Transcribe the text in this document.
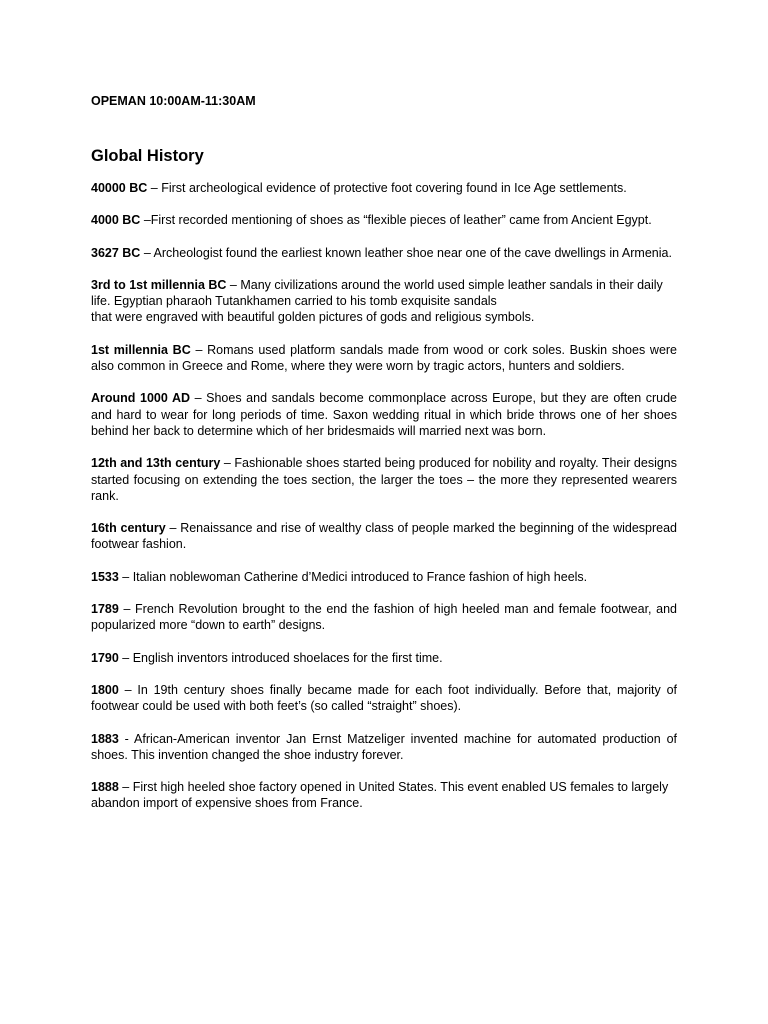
OPEMAN 10:00AM-11:30AM
Global History

40000 BC – First archeological evidence of protective foot covering found in Ice Age settlements.

4000 BC –First recorded mentioning of shoes as “flexible pieces of leather” came from Ancient Egypt.

3627 BC – Archeologist found the earliest known leather shoe near one of the cave dwellings in Armenia.

3rd to 1st millennia BC – Many civilizations around the world used simple leather sandals in their daily life. Egyptian pharaoh Tutankhamen carried to his tomb exquisite sandals
that were engraved with beautiful golden pictures of gods and religious symbols.

1st millennia BC – Romans used platform sandals made from wood or cork soles. Buskin shoes were also common in Greece and Rome, where they were worn by tragic actors, hunters and soldiers.

Around 1000 AD – Shoes and sandals become commonplace across Europe, but they are often crude and hard to wear for long periods of time. Saxon wedding ritual in which bride throws one of her shoes behind her back to determine which of her bridesmaids will married next was born.

12th and 13th century – Fashionable shoes started being produced for nobility and royalty. Their designs started focusing on extending the toes section, the larger the toes – the more they represented wearers rank.

16th century – Renaissance and rise of wealthy class of people marked the beginning of the widespread footwear fashion.

1533 – Italian noblewoman Catherine d’Medici introduced to France fashion of high heels.

1789 – French Revolution brought to the end the fashion of high heeled man and female footwear, and popularized more “down to earth” designs.

1790 – English inventors introduced shoelaces for the first time.

1800 – In 19th century shoes finally became made for each foot individually. Before that, majority of footwear could be used with both feet’s (so called “straight” shoes).

1883 - African-American inventor Jan Ernst Matzeliger invented machine for automated production of shoes. This invention changed the shoe industry forever.

1888 – First high heeled shoe factory opened in United States. This event enabled US females to largely abandon import of expensive shoes from France.
